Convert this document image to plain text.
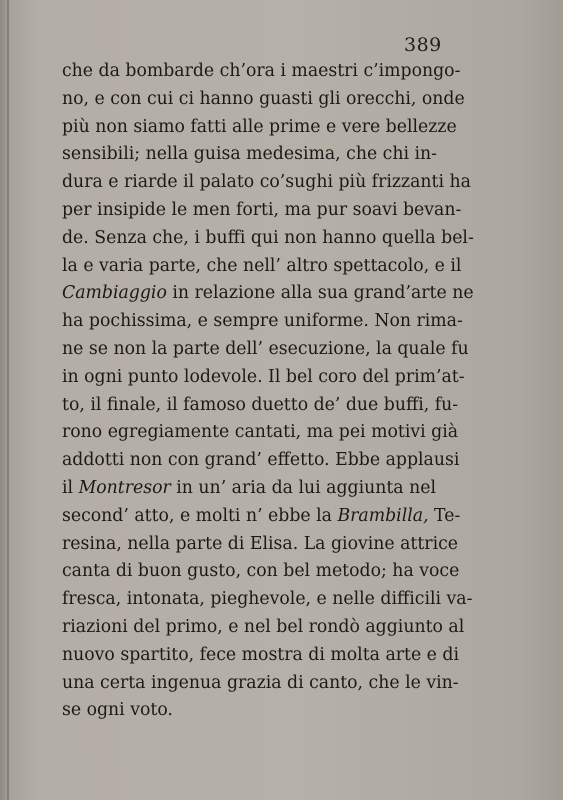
389
che da bombarde ch’ora i maestri c’impongo-
no, e con cui ci hanno guasti gli orecchi, onde
più non siamo fatti alle prime e vere bellezze
sensibili; nella guisa medesima, che chi in-
dura e riarde il palato co’sughi più frizzanti ha
per insipide le men forti, ma pur soavi bevan-
de. Senza che, i buffi qui non hanno quella bel-
la e varia parte, che nell’ altro spettacolo, e il
Cambiaggio in relazione alla sua grand’arte ne
ha pochissima, e sempre uniforme. Non rima-
ne se non la parte dell’ esecuzione, la quale fu
in ogni punto lodevole. Il bel coro del prim’at-
to, il finale, il famoso duetto de’ due buffi, fu-
rono egregiamente cantati, ma pei motivi già
addotti non con grand’ effetto. Ebbe applausi
il Montresor in un’ aria da lui aggiunta nel
second’ atto, e molti n’ ebbe la Brambilla, Te-
resina, nella parte di Elisa. La giovine attrice
canta di buon gusto, con bel metodo; ha voce
fresca, intonata, pieghevole, e nelle difficili va-
riazioni del primo, e nel bel rondò aggiunto al
nuovo spartito, fece mostra di molta arte e di
una certa ingenua grazia di canto, che le vin-
se ogni voto.
